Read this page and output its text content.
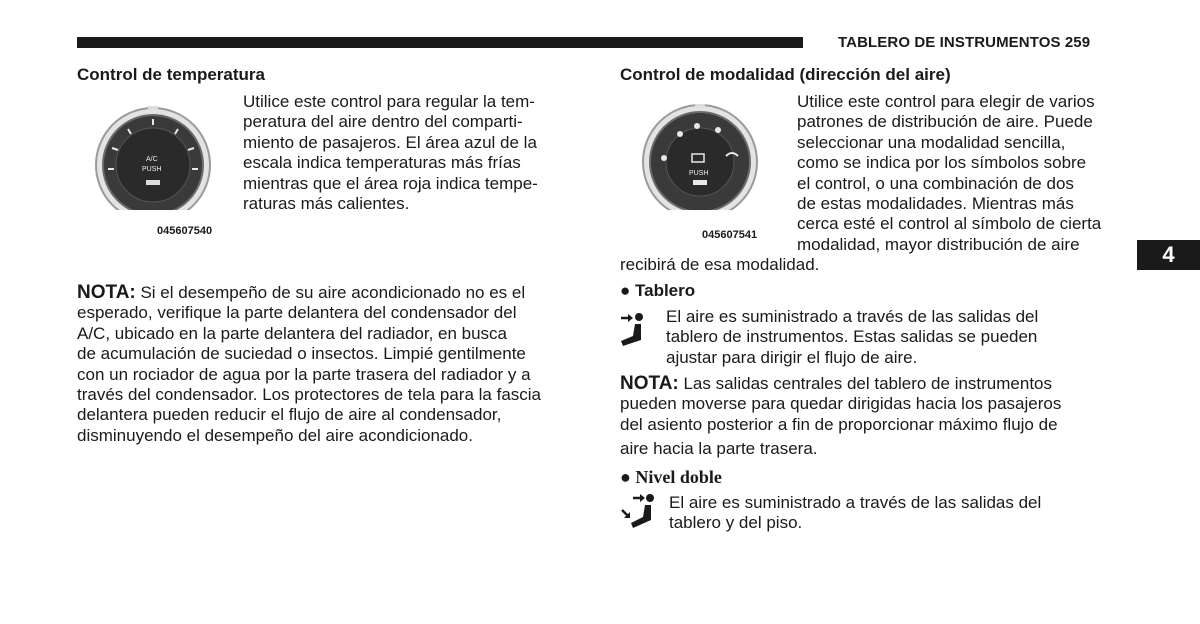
TABLERO DE INSTRUMENTOS 259
4
Control de temperatura
A/C
PUSH
045607540
Utilice este control para regular la tem-
peratura del aire dentro del comparti-
miento de pasajeros. El área azul de la
escala indica temperaturas más frías
mientras que el área roja indica tempe-
raturas más calientes.
NOTA: Si el desempeño de su aire acondicionado no es el
esperado, verifique la parte delantera del condensador del
A/C, ubicado en la parte delantera del radiador, en busca
de acumulación de suciedad o insectos. Limpié gentilmente
con un rociador de agua por la parte trasera del radiador y a
través del condensador. Los protectores de tela para la fascia
delantera pueden reducir el flujo de aire al condensador,
disminuyendo el desempeño del aire acondicionado.
Control de modalidad (dirección del aire)
PUSH
045607541
Utilice este control para elegir de varios
patrones de distribución de aire. Puede
seleccionar una modalidad sencilla,
como se indica por los símbolos sobre
el control, o una combinación de dos
de estas modalidades. Mientras más
cerca esté el control al símbolo de cierta
modalidad, mayor distribución de aire
recibirá de esa modalidad.
● Tablero
El aire es suministrado a través de las salidas del
tablero de instrumentos. Estas salidas se pueden
ajustar para dirigir el flujo de aire.
NOTA: Las salidas centrales del tablero de instrumentos
pueden moverse para quedar dirigidas hacia los pasajeros
del asiento posterior a fin de proporcionar máximo flujo de
aire hacia la parte trasera.
● Nivel doble
El aire es suministrado a través de las salidas del
tablero y del piso.
